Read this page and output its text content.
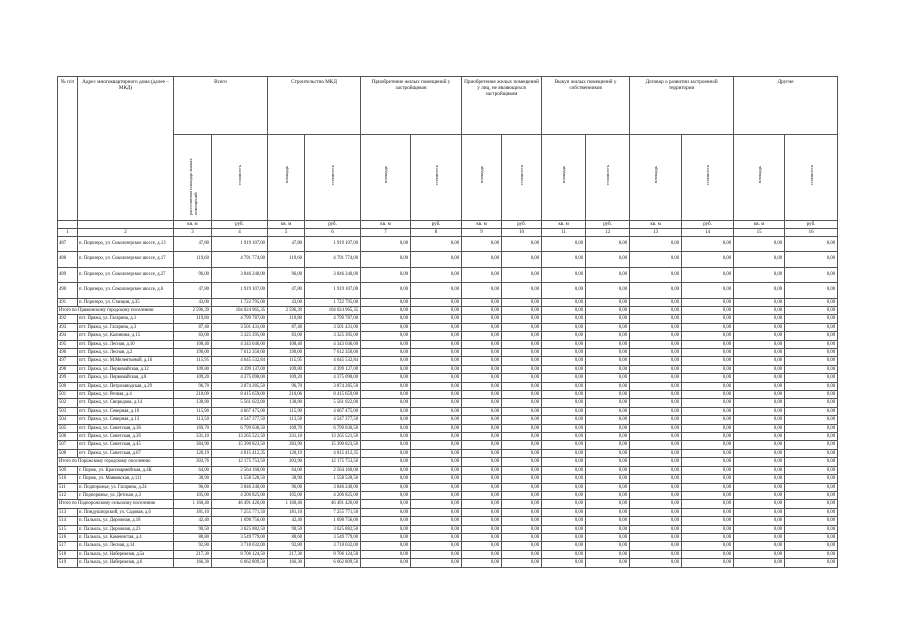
№ п/п	Адрес многоквартирного дома (далее – МКД)	Всего		Строительство МКД		Приобретение жилых помещений у застройщиков		Приобретение жилых помещений у лиц, не являющихся застройщиком		Выкуп жилых помещений у собственников		Договор о развитии застроенной территории		Другие	
		расселяемая площадь жилых помещений	стоимость	площадь	стоимость	площадь	стоимость	площадь	стоимость	площадь	стоимость	площадь	стоимость	площадь	стоимость
		кв. м	руб.	кв. м	руб.	кв. м	руб.	кв. м	руб.	кв. м	руб.	кв. м	руб.	кв. м	руб.
1	2	3	4	5	6	7	8	9	10	11	12	13	14	15	16
487	п. Порозеро, ул. Соколозерское шоссе, д.13	47,80	1 919 107,00	47,80	1 919 107,00	0,00	0,00	0,00	0,00	0,00	0,00	0,00	0,00	0,00	0,00
488	п. Порозеро, ул. Соколозерское шоссе, д.17	119,60	4 791 774,00	119,60	4 791 774,00	0,00	0,00	0,00	0,00	0,00	0,00	0,00	0,00	0,00	0,00
489	п. Порозеро, ул. Соколозерское шоссе, д.27	96,00	3 846 240,00	96,00	3 846 240,00	0,00	0,00	0,00	0,00	0,00	0,00	0,00	0,00	0,00	0,00
490	п. Порозеро, ул. Соколозерское шоссе, д.6	47,80	1 919 107,00	47,80	1 919 107,00	0,00	0,00	0,00	0,00	0,00	0,00	0,00	0,00	0,00	0,00
491	п. Порозеро, ул. Станция, д.35	43,00	1 722 795,00	43,00	1 722 795,00	0,00	0,00	0,00	0,00	0,00	0,00	0,00	0,00	0,00	0,00
Итого по Пряжинскому городскому поселению:		2 596,39	104 024 965,35	2 596,39	104 024 965,35	0,00	0,00	0,00	0,00	0,00	0,00	0,00	0,00	0,00	0,00
492	пгт. Пряжа, ул. Гагарина, д.1	119,80	4 799 787,00	119,80	4 799 787,00	0,00	0,00	0,00	0,00	0,00	0,00	0,00	0,00	0,00	0,00
493	пгт. Пряжа, ул. Гагарина, д.3	87,40	3 501 431,00	87,40	3 501 431,00	0,00	0,00	0,00	0,00	0,00	0,00	0,00	0,00	0,00	0,00
494	пгт. Пряжа, ул. Калинина, д.15	83,00	3 325 395,00	83,00	3 325 395,00	0,00	0,00	0,00	0,00	0,00	0,00	0,00	0,00	0,00	0,00
495	пгт. Пряжа, ул. Лесная, д.10	108,40	4 343 046,00	108,40	4 343 046,00	0,00	0,00	0,00	0,00	0,00	0,00	0,00	0,00	0,00	0,00
496	пгт. Пряжа, ул. Лесная, д.2	190,00	7 612 350,00	190,00	7 612 350,00	0,00	0,00	0,00	0,00	0,00	0,00	0,00	0,00	0,00	0,00
497	пгт. Пряжа, ул. М.Мелентьевой, д.16	115,95	4 645 532,84	115,95	4 645 532,84	0,00	0,00	0,00	0,00	0,00	0,00	0,00	0,00	0,00	0,00
498	пгт. Пряжа, ул. Первомайская, д.12	109,80	4 399 137,00	109,80	4 399 137,00	0,00	0,00	0,00	0,00	0,00	0,00	0,00	0,00	0,00	0,00
499	пгт. Пряжа, ул. Первомайская, д.8	109,20	4 375 098,00	109,20	4 375 098,00	0,00	0,00	0,00	0,00	0,00	0,00	0,00	0,00	0,00	0,00
500	пгт. Пряжа, ул. Петрозаводская, д.29	96,70	3 874 285,50	96,70	3 874 285,50	0,00	0,00	0,00	0,00	0,00	0,00	0,00	0,00	0,00	0,00
501	пгт. Пряжа, ул. Речная, д.4	210,09	8 415 659,00	210,06	8 415 659,00	0,00	0,00	0,00	0,00	0,00	0,00	0,00	0,00	0,00	0,00
502	пгт. Пряжа, ул. Свиридова, д.14	138,80	5 561 022,00	138,80	5 561 022,00	0,00	0,00	0,00	0,00	0,00	0,00	0,00	0,00	0,00	0,00
503	пгт. Пряжа, ул. Северная, д.10	115,90	4 667 475,00	115,90	4 667 475,00	0,00	0,00	0,00	0,00	0,00	0,00	0,00	0,00	0,00	0,00
504	пгт. Пряжа, ул. Северная, д.13	113,50	4 547 377,50	113,50	4 547 377,50	0,00	0,00	0,00	0,00	0,00	0,00	0,00	0,00	0,00	0,00
505	пгт. Пряжа, ул. Советская, д.36	169,70	6 799 030,50	169,70	6 799 030,50	0,00	0,00	0,00	0,00	0,00	0,00	0,00	0,00	0,00	0,00
506	пгт. Пряжа, ул. Советская, д.26	331,10	13 265 521,50	331,10	13 265 521,50	0,00	0,00	0,00	0,00	0,00	0,00	0,00	0,00	0,00	0,00
507	пгт. Пряжа, ул. Советская, д.45	384,90	15 390 823,50	383,90	15 390 823,50	0,00	0,00	0,00	0,00	0,00	0,00	0,00	0,00	0,00	0,00
508	пгт. Пряжа, ул. Советская, д.67	120,19	4 815 412,35	120,19	4 815 412,35	0,00	0,00	0,00	0,00	0,00	0,00	0,00	0,00	0,00	0,00
Итого по Порожскому городскому поселению		303,76	12 175 753,50	303,90	12 175 753,50	0,00	0,00	0,00	0,00	0,00	0,00	0,00	0,00	0,00	0,00
509	г. Порож, ул. Красноармейская, д.4К	64,00	2 564 160,00	64,00	2 564 160,00	0,00	0,00	0,00	0,00	0,00	0,00	0,00	0,00	0,00	0,00
510	г. Порож, ул. Маяковская, д.111	38,90	1 558 528,50	38,90	1 558 528,50	0,00	0,00	0,00	0,00	0,00	0,00	0,00	0,00	0,00	0,00
511	п. Подпорожье, ул. Гагарина, д.24	96,00	3 846 240,00	96,00	3 846 240,00	0,00	0,00	0,00	0,00	0,00	0,00	0,00	0,00	0,00	0,00
512	г. Подпорожье, ул. Детская, д.3	105,00	4 206 825,00	105,00	4 206 825,00	0,00	0,00	0,00	0,00	0,00	0,00	0,00	0,00	0,00	0,00
Итого по Подпорожскому сельскому поселению		1 160,40	46 491 426,00	1 160,40	46 491 426,00	0,00	0,00	0,00	0,00	0,00	0,00	0,00	0,00	0,00	0,00
513	п. Пиндушпорский, ул. Садовая, д.6	181,10	7 255 771,50	181,10	7 255 771,50	0,00	0,00	0,00	0,00	0,00	0,00	0,00	0,00	0,00	0,00
514	п. Пальоль, ул. Дорожная, д.18	42,40	1 698 756,00	42,40	1 698 756,00	0,00	0,00	0,00	0,00	0,00	0,00	0,00	0,00	0,00	0,00
515	п. Пальоль, ул. Дорожная, д.23	90,50	3 625 882,50	90,50	3 625 882,50	0,00	0,00	0,00	0,00	0,00	0,00	0,00	0,00	0,00	0,00
516	п. Пальоль, ул. Каменистая, д.4	88,80	3 549 779,00	88,60	3 549 779,00	0,00	0,00	0,00	0,00	0,00	0,00	0,00	0,00	0,00	0,00
517	п. Пальоль, ул. Лесная, д.14	92,80	3 718 032,00	92,80	3 718 032,00	0,00	0,00	0,00	0,00	0,00	0,00	0,00	0,00	0,00	0,00
518	п. Пальоль, ул. Набережная, д.5а	217,30	8 706 124,50	217,30	8 706 124,50	0,00	0,00	0,00	0,00	0,00	0,00	0,00	0,00	0,00	0,00
519	п. Пальоль, ул. Набережная, д.6	166,30	6 662 809,50	166,30	6 662 809,50	0,00	0,00	0,00	0,00	0,00	0,00	0,00	0,00	0,00	0,00
